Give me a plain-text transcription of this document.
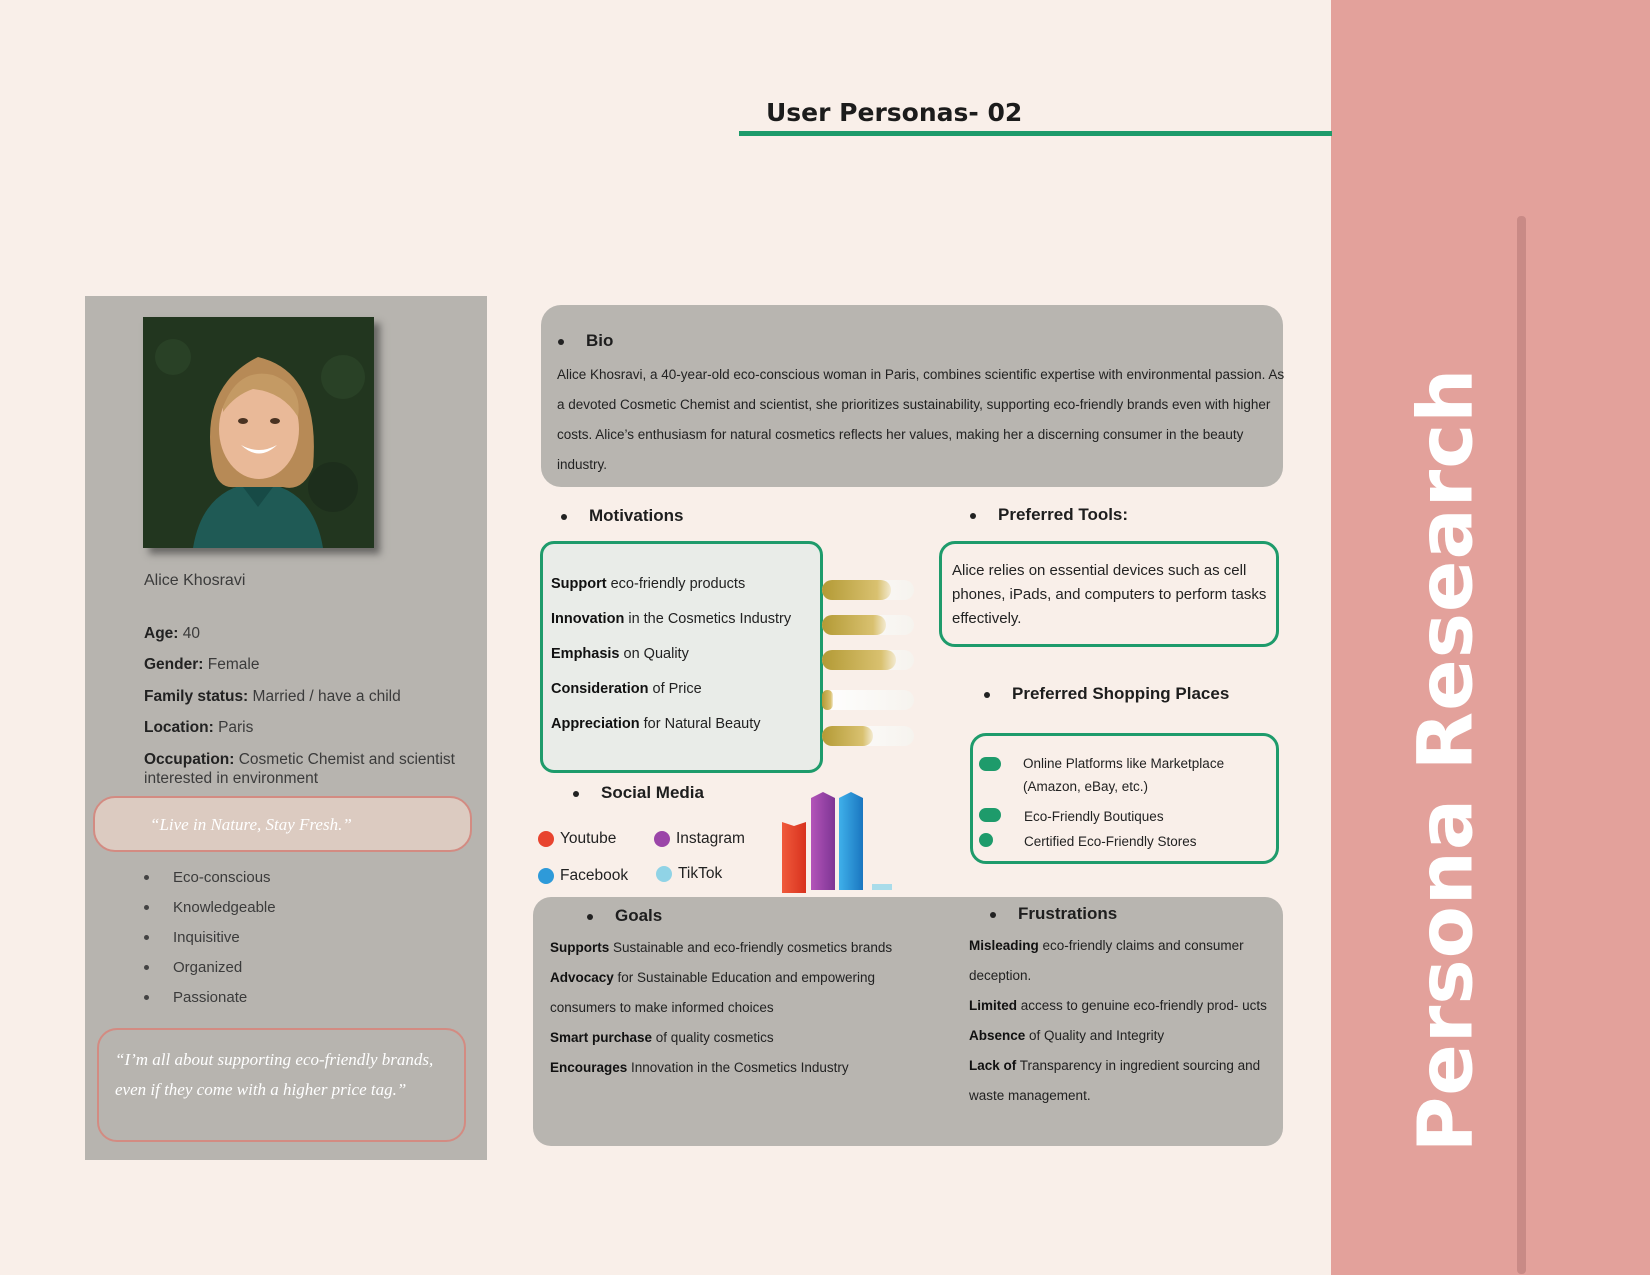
Persona Research
User Personas- 02
Alice Khosravi
Age: 40
Gender: Female
Family status: Married / have a child
Location: Paris
Occupation: Cosmetic Chemist and scientist interested in environment
“Live in Nature, Stay Fresh.”
Eco-conscious
Knowledgeable
Inquisitive
Organized
Passionate
“I’m all about supporting eco-friendly brands, even if they come with a higher price tag.”
Bio
Alice Khosravi, a 40-year-old eco-conscious woman in Paris, combines scientific expertise with environmental passion. As a devoted Cosmetic Chemist and scientist, she prioritizes sustainability, supporting eco-friendly brands even with higher costs. Alice’s enthusiasm for natural cosmetics reflects her values, making her a discerning consumer in the beauty industry.
Motivations
Support eco-friendly products
Innovation in the Cosmetics Industry
Emphasis on Quality
Consideration of Price
Appreciation for Natural Beauty
Preferred Tools:
Alice relies on essential devices such as cell phones, iPads, and computers to perform tasks effectively.
Preferred Shopping Places
Online Platforms like Marketplace (Amazon, eBay, etc.)
Eco-Friendly Boutiques
Certified Eco-Friendly Stores
Social Media
Youtube	Instagram
Facebook	TikTok
Goals	Frustrations
Supports Sustainable and eco-friendly cosmetics brands
Advocacy for Sustainable Education and empowering consumers to make informed choices
Smart purchase of quality cosmetics
Encourages Innovation in the Cosmetics Industry
Misleading eco-friendly claims and consumer deception.
Limited access to genuine eco-friendly prod- ucts
Absence of Quality and Integrity
Lack of Transparency in ingredient sourcing and waste management.
